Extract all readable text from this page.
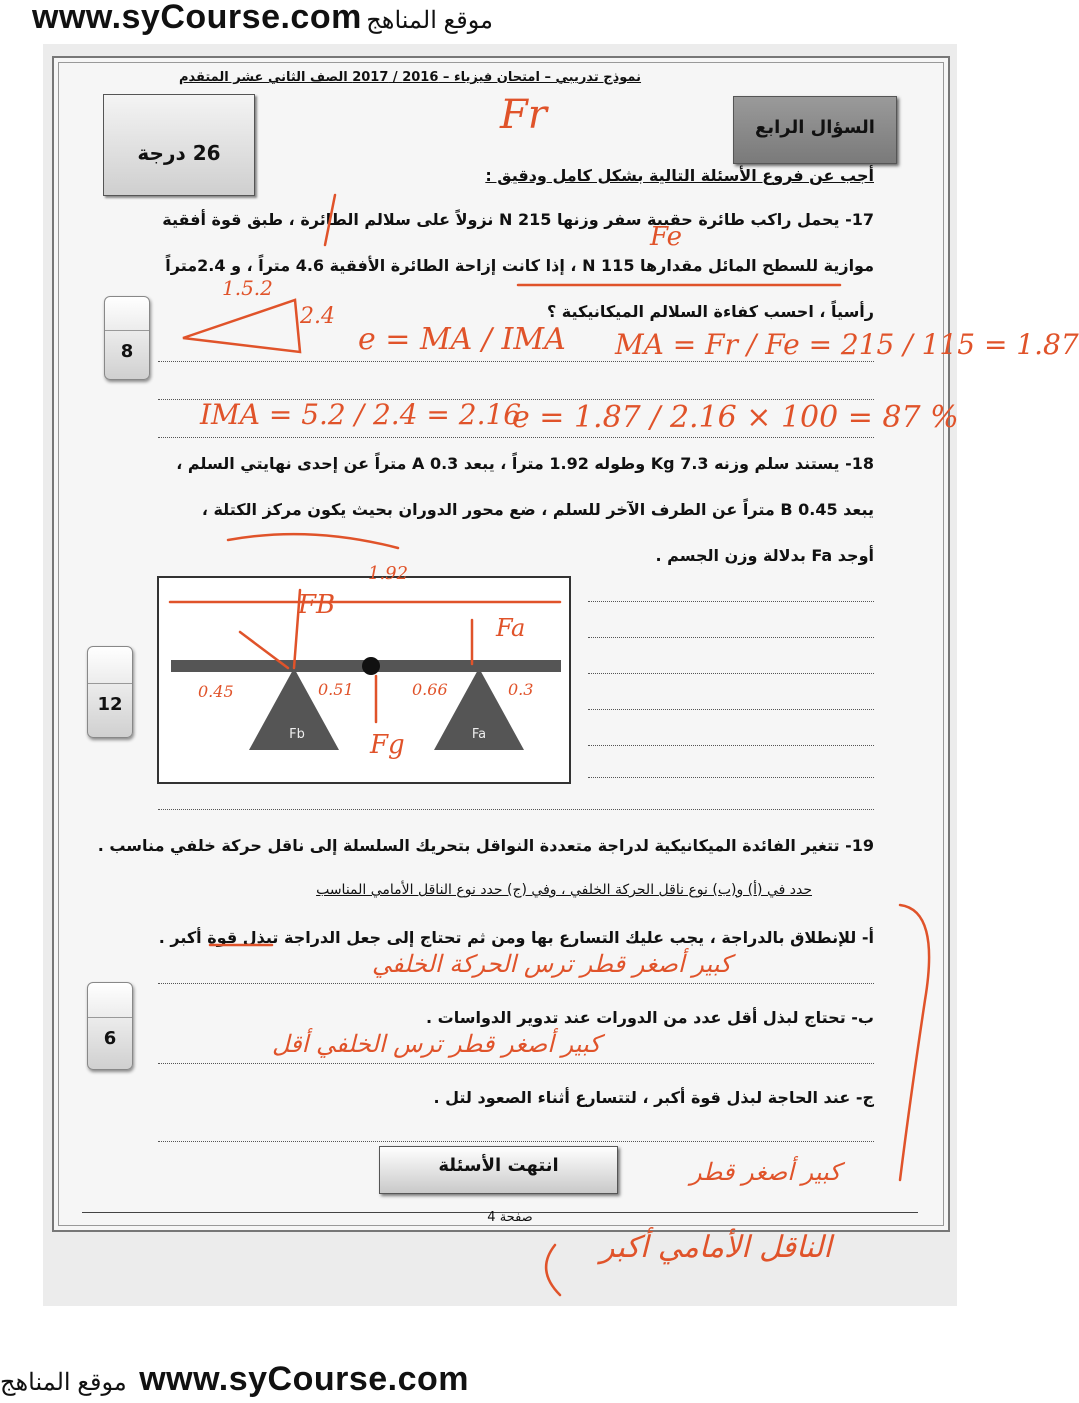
www.syCourse.com موقع المناهج
نموذج تدريبي – امتحان فيزياء – 2016 / 2017 الصف الثاني عشر المتقدم
26 درجة
السؤال الرابع
أجب عن فروع الأسئلة التالية بشكل كامل ودقيق :
17- يحمل راكب طائرة حقيبة سفر وزنها 215 N نزولاً على سلالم الطائرة ، طبق قوة أفقية
موازية للسطح المائل مقدارها 115 N ، إذا كانت إزاحة الطائرة الأفقية 4.6 متراً ، و 2.4متراً
رأسياً ، احسب كفاءة السلالم الميكانيكية ؟
8
18- يستند سلم وزنه 7.3 Kg وطوله 1.92 متراً ، يبعد A 0.3 متراً عن إحدى نهايتي السلم ،
يبعد B 0.45 متراً عن الطرف الآخر للسلم ، ضع محور الدوران بحيث يكون مركز الكتلة ،
أوجد Fa بدلالة وزن الجسم .
12
Fb	Fa
19- تتغير الفائدة الميكانيكية لدراجة متعددة النواقل بتحريك السلسلة إلى ناقل حركة خلفي مناسب .
حدد في (أ) و(ب) نوع ناقل الحركة الخلفي ، وفي (ج) حدد نوع الناقل الأمامي المناسب
أ- للإنطلاق بالدراجة ، يجب عليك التسارع بها ومن ثم تحتاج إلى جعل الدراجة تبذل قوة أكبر .
ب- تحتاج لبذل أقل عدد من الدورات عند تدوير الدواسات .
ج- عند الحاجة لبذل قوة أكبر ، لتتسارع أثناء الصعود لتل .
6
انتهت الأسئلة
صفحة 4
Fr
Fe
1.5.2
2.4
e = MA / IMA MA = Fr / Fe = 215 / 115 = 1.87
IMA = 5.2 / 2.4 = 2.16
e = 1.87 / 2.16 × 100 = 87 %
1.92
0.45	0.51	0.66	0.3
FB
Fa
Fg
كبير أصغر قطر ترس الحركة الخلفي
كبير أصغر قطر ترس الخلفي أقل
كبير أصغر قطر
الناقل الأمامي أكبر
موقع المناهج www.syCourse.com
